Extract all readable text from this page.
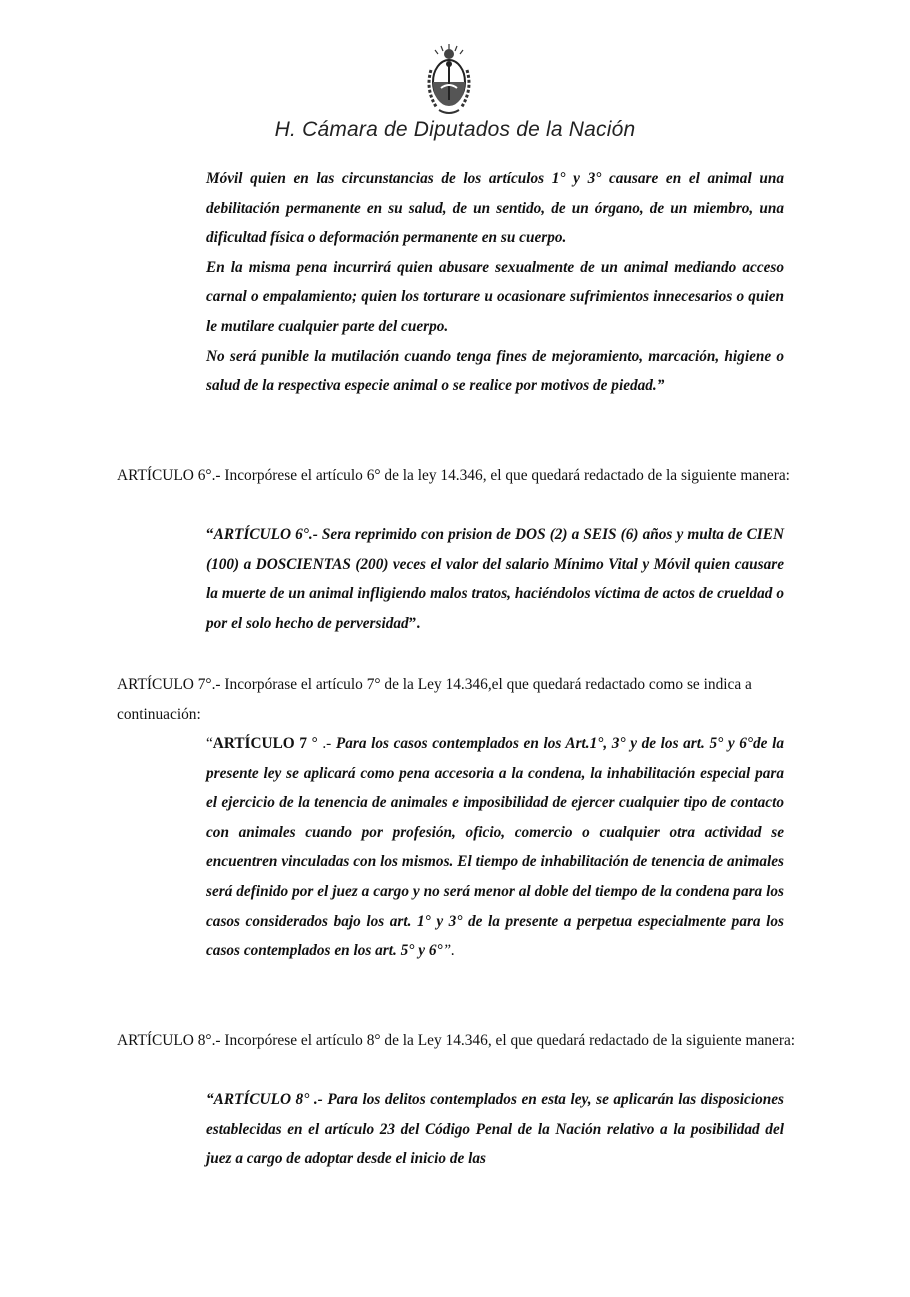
H. Cámara de Diputados de la Nación

Móvil quien en las circunstancias de los artículos 1° y 3° causare en el animal una debilitación permanente en su salud, de un sentido, de un órgano, de un miembro, una dificultad física o deformación permanente en su cuerpo.

En la misma pena incurrirá quien abusare sexualmente de un animal mediando acceso carnal o empalamiento; quien los torturare u ocasionare sufrimientos innecesarios o quien le mutilare cualquier parte del cuerpo.

No será punible la mutilación cuando tenga fines de mejoramiento, marcación, higiene o salud de la respectiva especie animal o se realice por motivos de piedad.”

ARTÍCULO 6°.- Incorpórese el artículo 6° de la ley 14.346, el que quedará redactado de la siguiente manera:

“ARTÍCULO 6°.- Sera reprimido con prision de DOS (2) a SEIS (6) años y multa de CIEN (100) a DOSCIENTAS (200) veces el valor del salario Mínimo Vital y Móvil quien causare la muerte de un animal infligiendo malos tratos, haciéndolos víctima de actos de crueldad o por el solo hecho de perversidad”.

ARTÍCULO 7°.- Incorpórase el artículo 7° de la Ley 14.346,el que quedará redactado como se indica a continuación:

“ARTÍCULO 7 ° .- Para los casos contemplados en los Art.1°, 3° y de los art. 5° y 6°de la presente ley se aplicará como pena accesoria a la condena, la inhabilitación especial para el ejercicio de la tenencia de animales e imposibilidad de ejercer cualquier tipo de contacto con animales cuando por profesión, oficio, comercio o cualquier otra actividad se encuentren vinculadas con los mismos. El tiempo de inhabilitación de tenencia de animales será definido por el juez a cargo y no será menor al doble del tiempo de la condena para los casos considerados bajo los art. 1° y 3° de la presente a perpetua especialmente para los casos contemplados en los art. 5° y 6°”.

ARTÍCULO 8°.- Incorpórese el artículo 8° de la Ley 14.346, el que quedará redactado de la siguiente manera:

“ARTÍCULO 8° .- Para los delitos contemplados en esta ley, se aplicarán las disposiciones establecidas en el artículo 23 del Código Penal de la Nación relativo a la posibilidad del juez a cargo de adoptar desde el inicio de las
